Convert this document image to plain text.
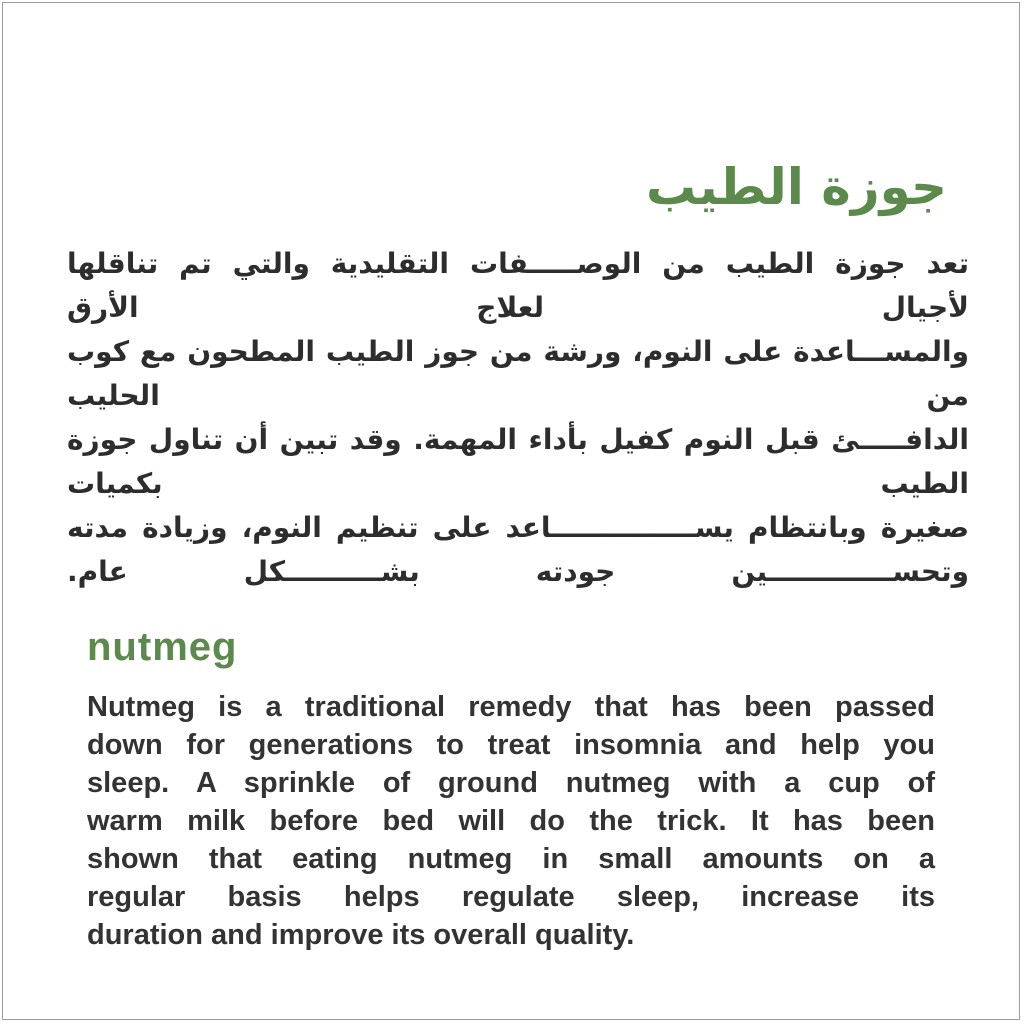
جوزة الطيب
تعد جوزة الطيب من الوصـــــفات التقليدية والتي تم تناقلها لأجيال لعلاج الأرق
والمســـاعدة على النوم، ورشة من جوز الطيب المطحون مع كوب من الحليب
الدافـــــئ قبل النوم كفيل بأداء المهمة. وقد تبين أن تناول جوزة الطيب بكميات
صغيرة وبانتظام يســـــــــــــــاعد على تنظيم النوم، وزيادة مدته
وتحســـــــــــــين جودته بشــــــــــكل عام.
nutmeg
Nutmeg is a traditional remedy that has been passed
down for generations to treat insomnia and help you
sleep. A sprinkle of ground nutmeg with a cup of
warm milk before bed will do the trick. It has been
shown that eating nutmeg in small amounts on a
regular basis helps regulate sleep, increase its
duration and improve its overall quality.
